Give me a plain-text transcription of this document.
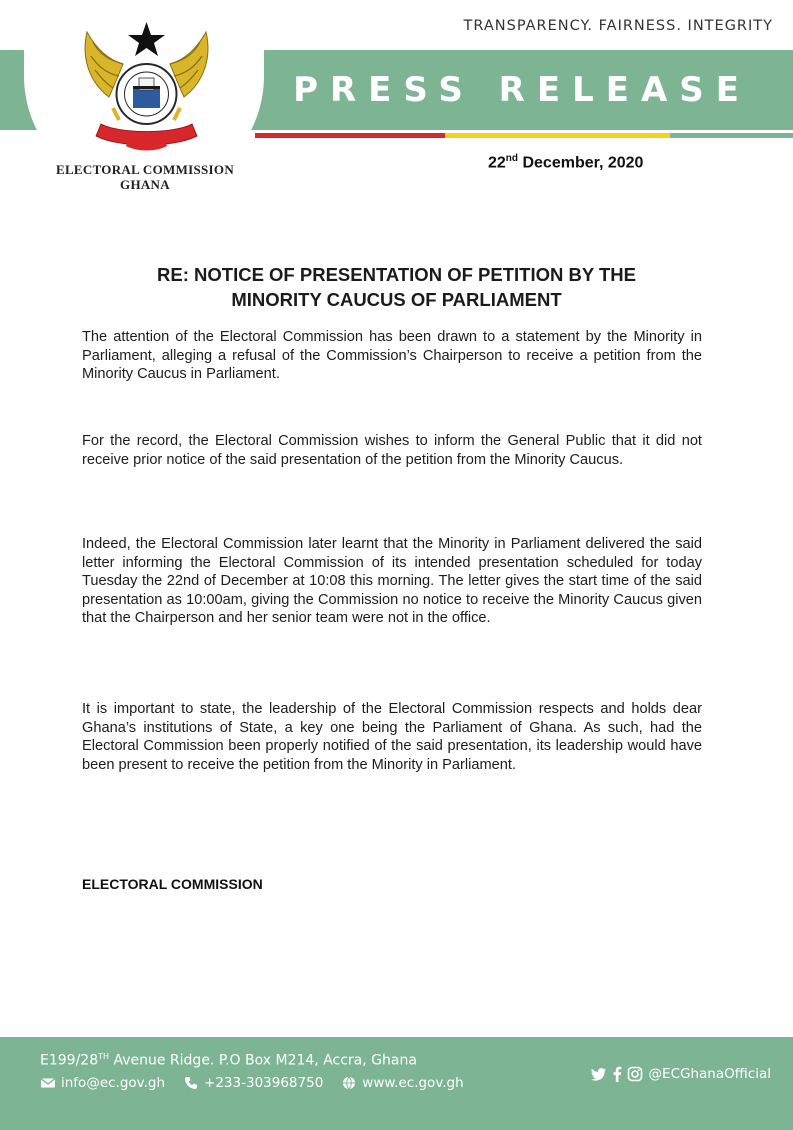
TRANSPARENCY. FAIRNESS. INTEGRITY
PRESS RELEASE
ELECTORAL COMMISSION
GHANA
22nd December, 2020
RE: NOTICE OF PRESENTATION OF PETITION BY THE
MINORITY CAUCUS OF PARLIAMENT
The attention of the Electoral Commission has been drawn to a statement by the Minority in Parliament, alleging a refusal of the Commission’s Chairperson to receive a petition from the Minority Caucus in Parliament.
For the record, the Electoral Commission wishes to inform the General Public that it did not receive prior notice of the said presentation of the petition from the Minority Caucus.
Indeed, the Electoral Commission later learnt that the Minority in Parliament delivered the said letter informing the Electoral Commission of its intended presentation scheduled for today Tuesday the 22nd of December at 10:08 this morning. The letter gives the start time of the said presentation as 10:00am, giving the Commission no notice to receive the Minority Caucus given that the Chairperson and her senior team were not in the office.
It is important to state, the leadership of the Electoral Commission respects and holds dear Ghana’s institutions of State, a key one being the Parliament of Ghana. As such, had the Electoral Commission been properly notified of the said presentation, its leadership would have been present to receive the petition from the Minority in Parliament.
ELECTORAL COMMISSION
E199/28TH Avenue Ridge. P.O Box M214, Accra, Ghana
info@ec.gov.gh	+233-303968750	www.ec.gov.gh
@ECGhanaOfficial
